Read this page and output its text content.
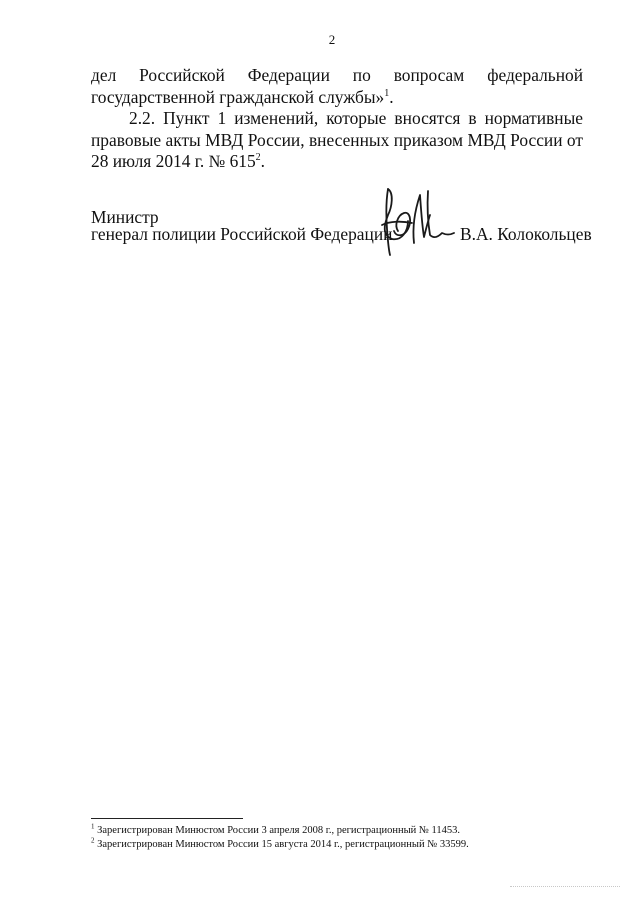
2
дел Российской Федерации по вопросам федеральной государственной гражданской службы»$^1$.
2.2. Пункт 1 изменений, которые вносятся в нормативные правовые акты МВД России, внесенных приказом МВД России от 28 июля 2014 г. № $615^2$.
Министр
генерал полиции Российской Федерации	В.А. Колокольцев
$^1$ Зарегистрирован Минюстом России 3 апреля 2008 г., регистрационный № 11453.
$^2$ Зарегистрирован Минюстом России 15 августа 2014 г., регистрационный № 33599.
